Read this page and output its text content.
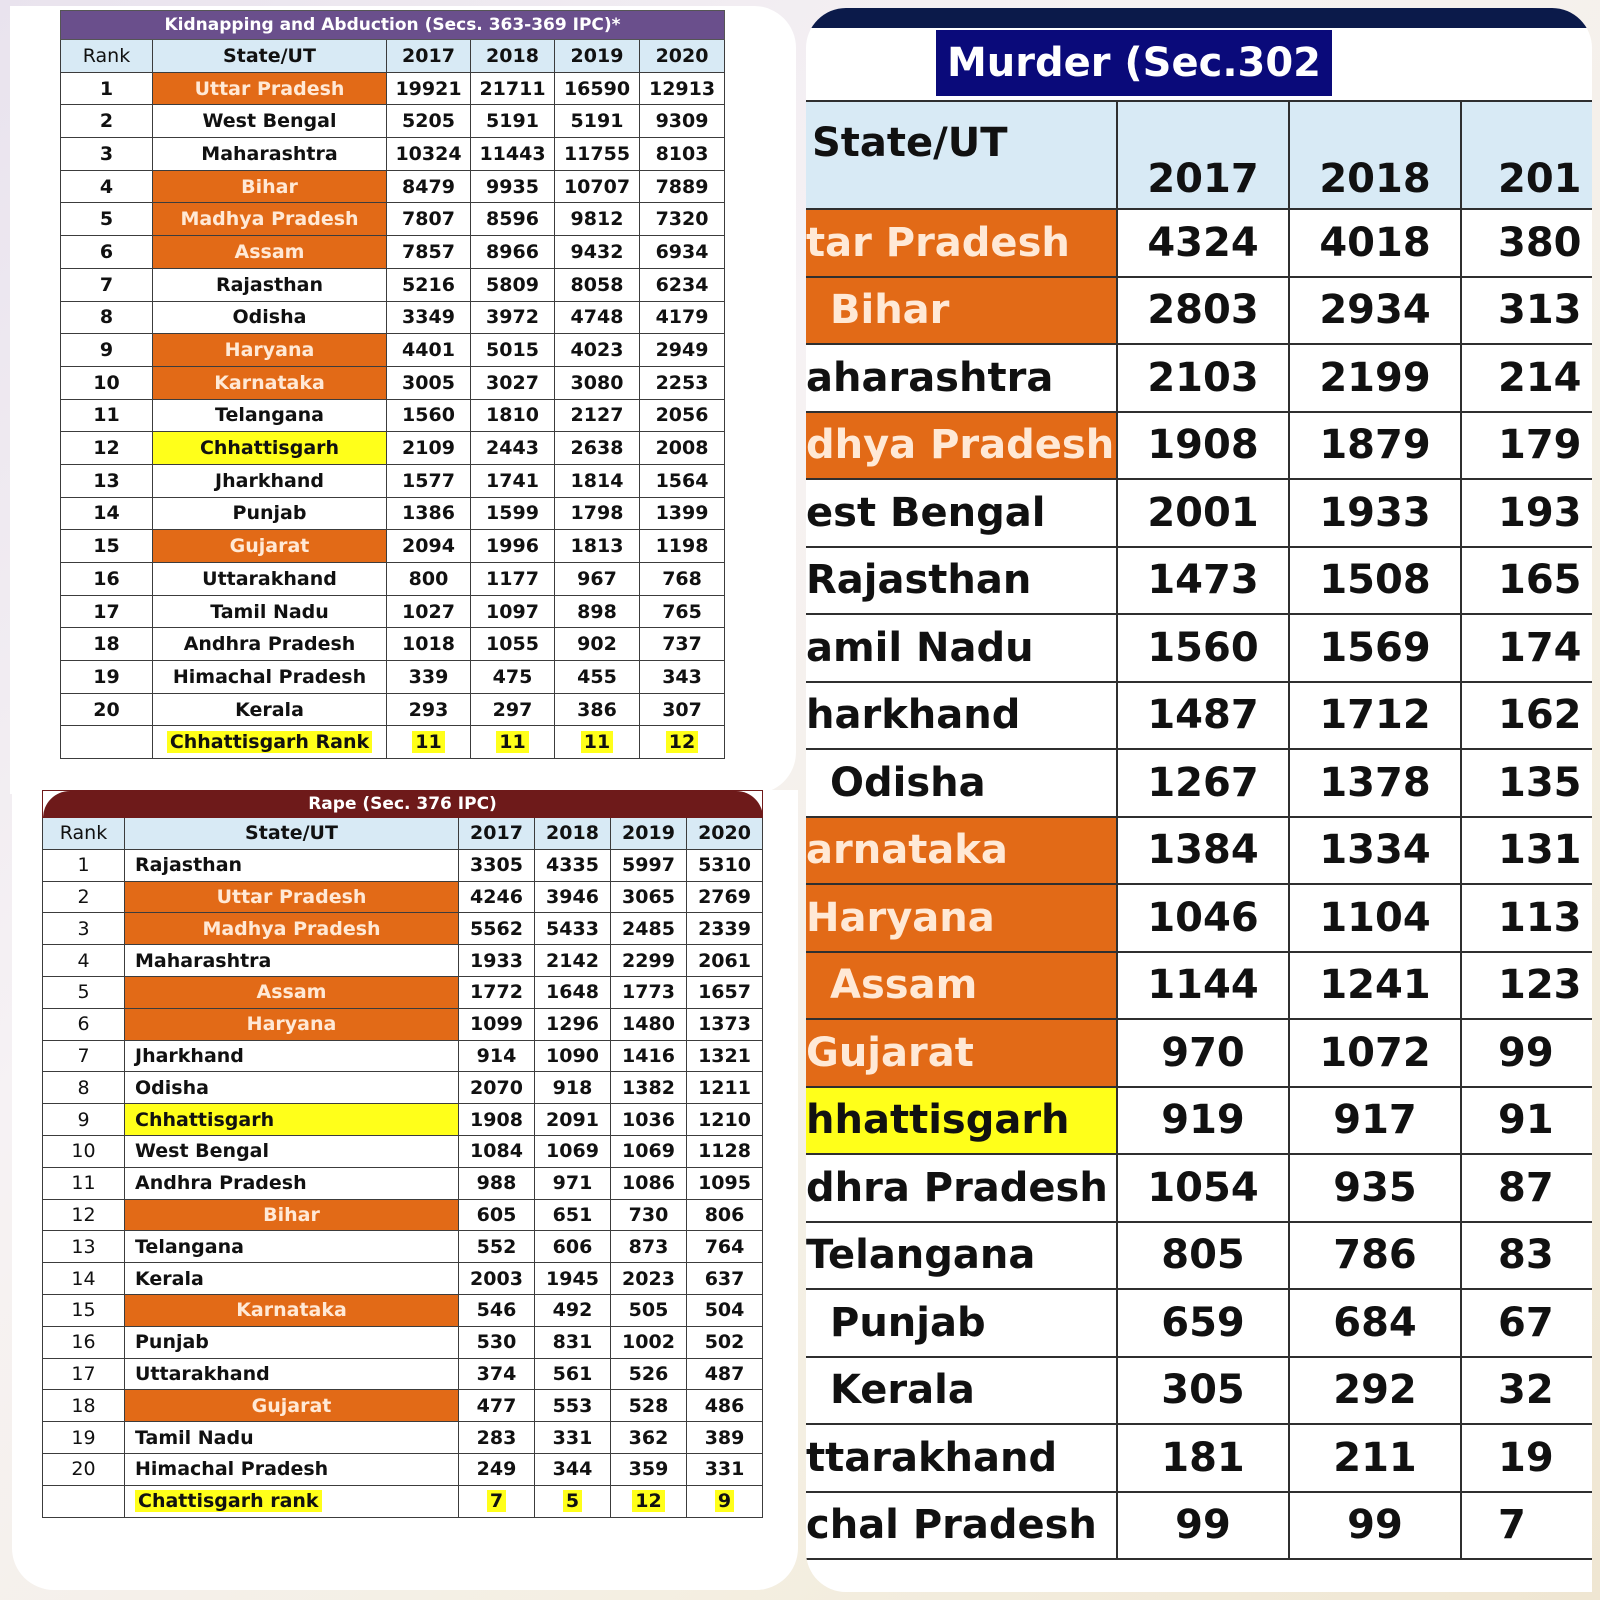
Kidnapping and Abduction (Secs. 363-369 IPC)*					
Rank	State/UT	2017	2018	2019	2020
1	Uttar Pradesh	19921	21711	16590	12913
2	West Bengal	5205	5191	5191	9309
3	Maharashtra	10324	11443	11755	8103
4	Bihar	8479	9935	10707	7889
5	Madhya Pradesh	7807	8596	9812	7320
6	Assam	7857	8966	9432	6934
7	Rajasthan	5216	5809	8058	6234
8	Odisha	3349	3972	4748	4179
9	Haryana	4401	5015	4023	2949
10	Karnataka	3005	3027	3080	2253
11	Telangana	1560	1810	2127	2056
12	Chhattisgarh	2109	2443	2638	2008
13	Jharkhand	1577	1741	1814	1564
14	Punjab	1386	1599	1798	1399
15	Gujarat	2094	1996	1813	1198
16	Uttarakhand	800	1177	967	768
17	Tamil Nadu	1027	1097	898	765
18	Andhra Pradesh	1018	1055	902	737
19	Himachal Pradesh	339	475	455	343
20	Kerala	293	297	386	307
	Chhattisgarh Rank	11	11	11	12
Rape (Sec. 376 IPC)					
Rank	State/UT	2017	2018	2019	2020
1	Rajasthan	3305	4335	5997	5310
2	Uttar Pradesh	4246	3946	3065	2769
3	Madhya Pradesh	5562	5433	2485	2339
4	Maharashtra	1933	2142	2299	2061
5	Assam	1772	1648	1773	1657
6	Haryana	1099	1296	1480	1373
7	Jharkhand	914	1090	1416	1321
8	Odisha	2070	918	1382	1211
9	Chhattisgarh	1908	2091	1036	1210
10	West Bengal	1084	1069	1069	1128
11	Andhra Pradesh	988	971	1086	1095
12	Bihar	605	651	730	806
13	Telangana	552	606	873	764
14	Kerala	2003	1945	2023	637
15	Karnataka	546	492	505	504
16	Punjab	530	831	1002	502
17	Uttarakhand	374	561	526	487
18	Gujarat	477	553	528	486
19	Tamil Nadu	283	331	362	389
20	Himachal Pradesh	249	344	359	331
	Chattisgarh rank	7	5	12	9
Murder (Sec.302
State/UT	2017	2018	201
tar Pradesh	4324	4018	380
Bihar	2803	2934	313
aharashtra	2103	2199	214
dhya Pradesh	1908	1879	179
est Bengal	2001	1933	193
Rajasthan	1473	1508	165
amil Nadu	1560	1569	174
harkhand	1487	1712	162
Odisha	1267	1378	135
arnataka	1384	1334	131
Haryana	1046	1104	113
Assam	1144	1241	123
Gujarat	970	1072	99
hhattisgarh	919	917	91
dhra Pradesh	1054	935	87
Telangana	805	786	83
Punjab	659	684	67
Kerala	305	292	32
ttarakhand	181	211	19
chal Pradesh	99	99	7
